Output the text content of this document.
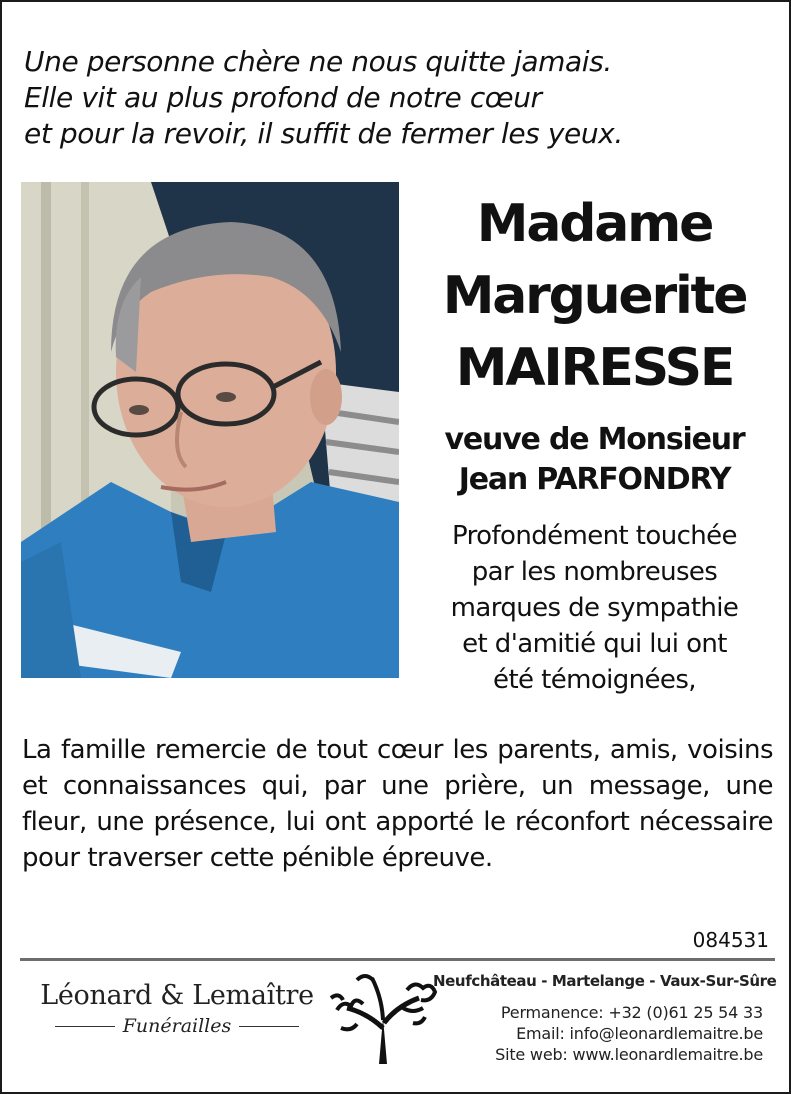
Une personne chère ne nous quitte jamais.
Elle vit au plus profond de notre cœur
et pour la revoir, il suffit de fermer les yeux.
Madame
Marguerite
MAIRESSE
veuve de Monsieur
Jean PARFONDRY
Profondément touchée
par les nombreuses
marques de sympathie
et d'amitié qui lui ont
été témoignées,
La famille remercie de tout cœur les parents, amis, voisins et connaissances qui, par une prière, un message, une fleur, une présence, lui ont apporté le réconfort nécessaire pour traverser cette pénible épreuve.
084531
Léonard & Lemaître
Funérailles
Neufchâteau - Martelange - Vaux-Sur-Sûre
Permanence: +32 (0)61 25 54 33
Email: info@leonardlemaitre.be
Site web: www.leonardlemaitre.be
